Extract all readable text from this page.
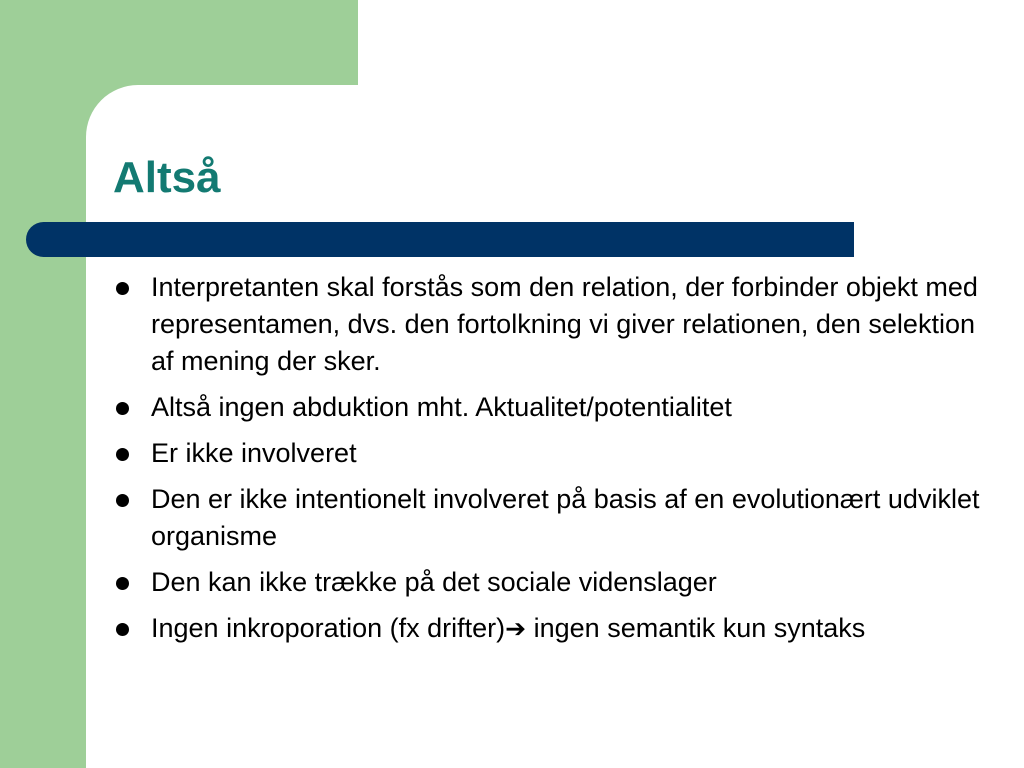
Altså
Interpretanten skal forstås som den relation, der forbinder objekt med representamen, dvs. den fortolkning vi giver relationen, den selektion af mening der sker.
Altså ingen abduktion mht. Aktualitet/potentialitet
Er ikke involveret
Den er ikke intentionelt involveret på basis af en evolutionært udviklet organisme
Den kan ikke trække på det sociale videnslager
Ingen inkroporation (fx drifter)➔ ingen semantik kun syntaks
